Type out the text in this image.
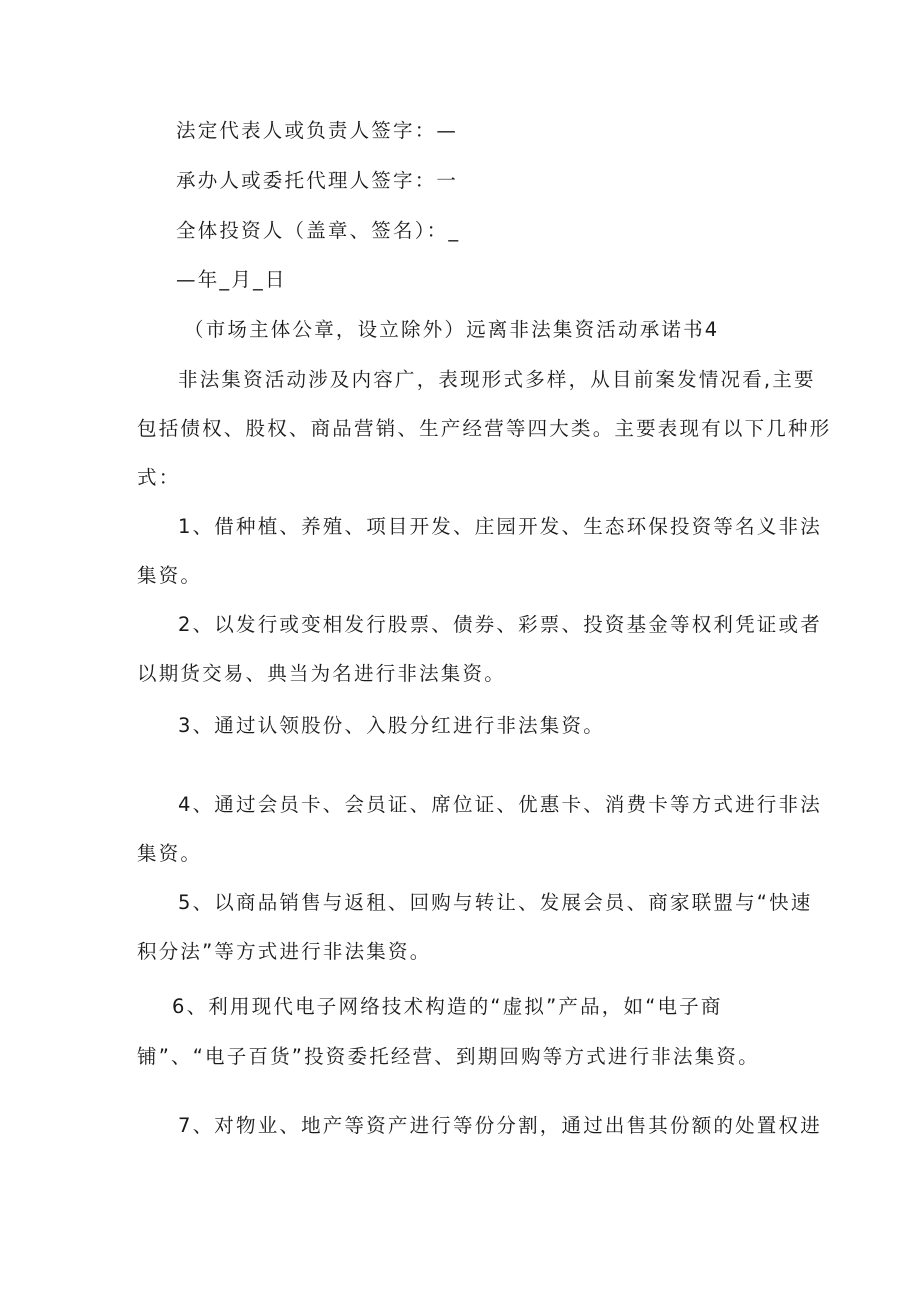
法定代表人或负责人签字：—

承办人或委托代理人签字：一

全体投资人（盖章、签名）：_

—年_月_日

（市场主体公章，设立除外）远离非法集资活动承诺书4

非法集资活动涉及内容广，表现形式多样，从目前案发情况看,主要

包括债权、股权、商品营销、生产经营等四大类。主要表现有以下几种形

式：

1、借种植、养殖、项目开发、庄园开发、生态环保投资等名义非法

集资。

2、以发行或变相发行股票、债券、彩票、投资基金等权利凭证或者

以期货交易、典当为名进行非法集资。

3、通过认领股份、入股分红进行非法集资。

4、通过会员卡、会员证、席位证、优惠卡、消费卡等方式进行非法

集资。

5、以商品销售与返租、回购与转让、发展会员、商家联盟与“快速

积分法”等方式进行非法集资。

6、利用现代电子网络技术构造的“虚拟”产品，如“电子商

铺”、“电子百货”投资委托经营、到期回购等方式进行非法集资。

7、对物业、地产等资产进行等份分割，通过出售其份额的处置权进
